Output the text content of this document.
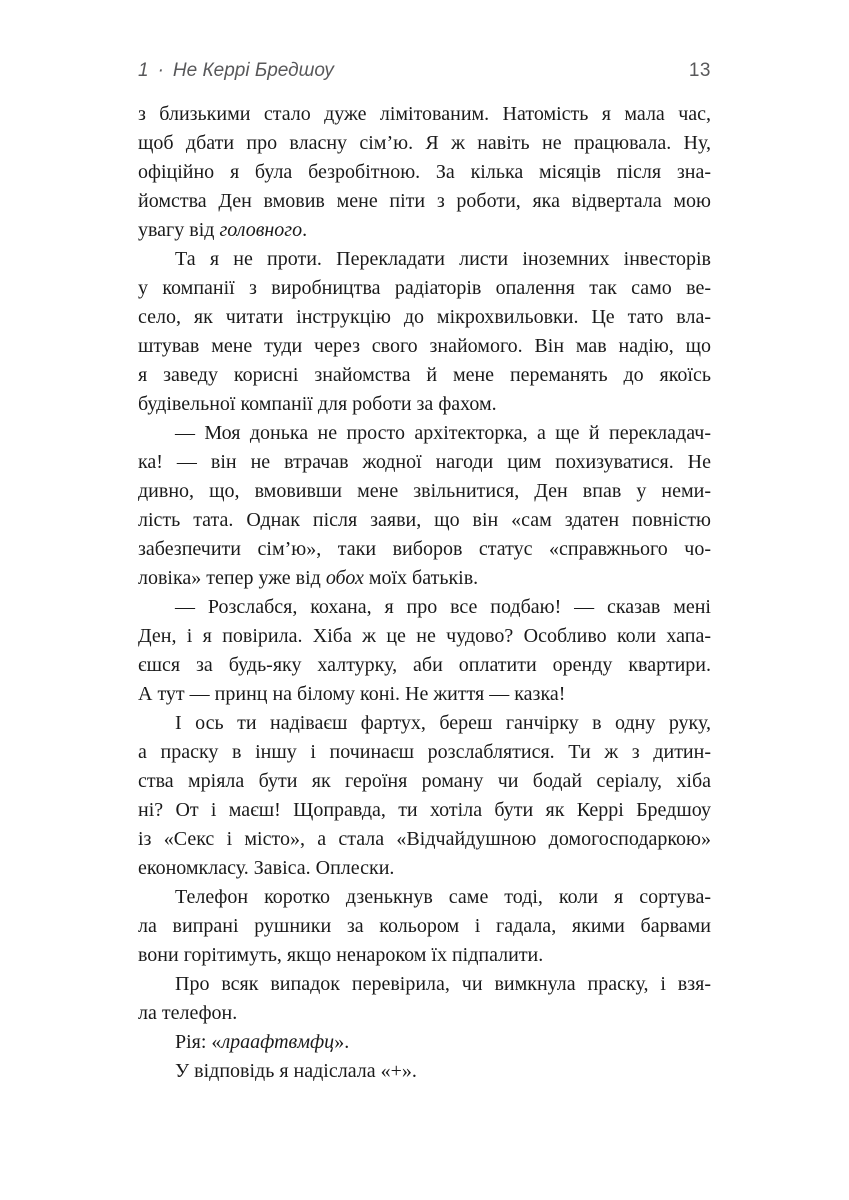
1 · Не Керрі Бредшоу	13
з близькими стало дуже лімітованим. Натомість я мала час,
щоб дбати про власну сім’ю. Я ж навіть не працювала. Ну,
офіційно я була безробітною. За кілька місяців після зна-
йомства Ден вмовив мене піти з роботи, яка відвертала мою
увагу від головного.
Та я не проти. Перекладати листи іноземних інвесторів
у компанії з виробництва радіаторів опалення так само ве-
село, як читати інструкцію до мікрохвильовки. Це тато вла-
штував мене туди через свого знайомого. Він мав надію, що
я заведу корисні знайомства й мене переманять до якоїсь
будівельної компанії для роботи за фахом.
— Моя донька не просто архітекторка, а ще й перекладач-
ка! — він не втрачав жодної нагоди цим похизуватися. Не
дивно, що, вмовивши мене звільнитися, Ден впав у неми-
лість тата. Однак після заяви, що він «сам здатен повністю
забезпечити сім’ю», таки виборов статус «справжнього чо-
ловіка» тепер уже від обох моїх батьків.
— Розслабся, кохана, я про все подбаю! — сказав мені
Ден, і я повірила. Хіба ж це не чудово? Особливо коли хапа-
єшся за будь-яку халтурку, аби оплатити оренду квартири.
А тут — принц на білому коні. Не життя — казка!
І ось ти надіваєш фартух, береш ганчірку в одну руку,
а праску в іншу і починаєш розслаблятися. Ти ж з дитин-
ства мріяла бути як героїня роману чи бодай серіалу, хіба
ні? От і маєш! Щоправда, ти хотіла бути як Керрі Бредшоу
із «Секс і місто», а стала «Відчайдушною домогосподаркою»
економкласу. Завіса. Оплески.
Телефон коротко дзенькнув саме тоді, коли я сортува-
ла випрані рушники за кольором і гадала, якими барвами
вони горітимуть, якщо ненароком їх підпалити.
Про всяк випадок перевірила, чи вимкнула праску, і взя-
ла телефон.
Рія: «лраафтвмфц».
У відповідь я надіслала «+».
